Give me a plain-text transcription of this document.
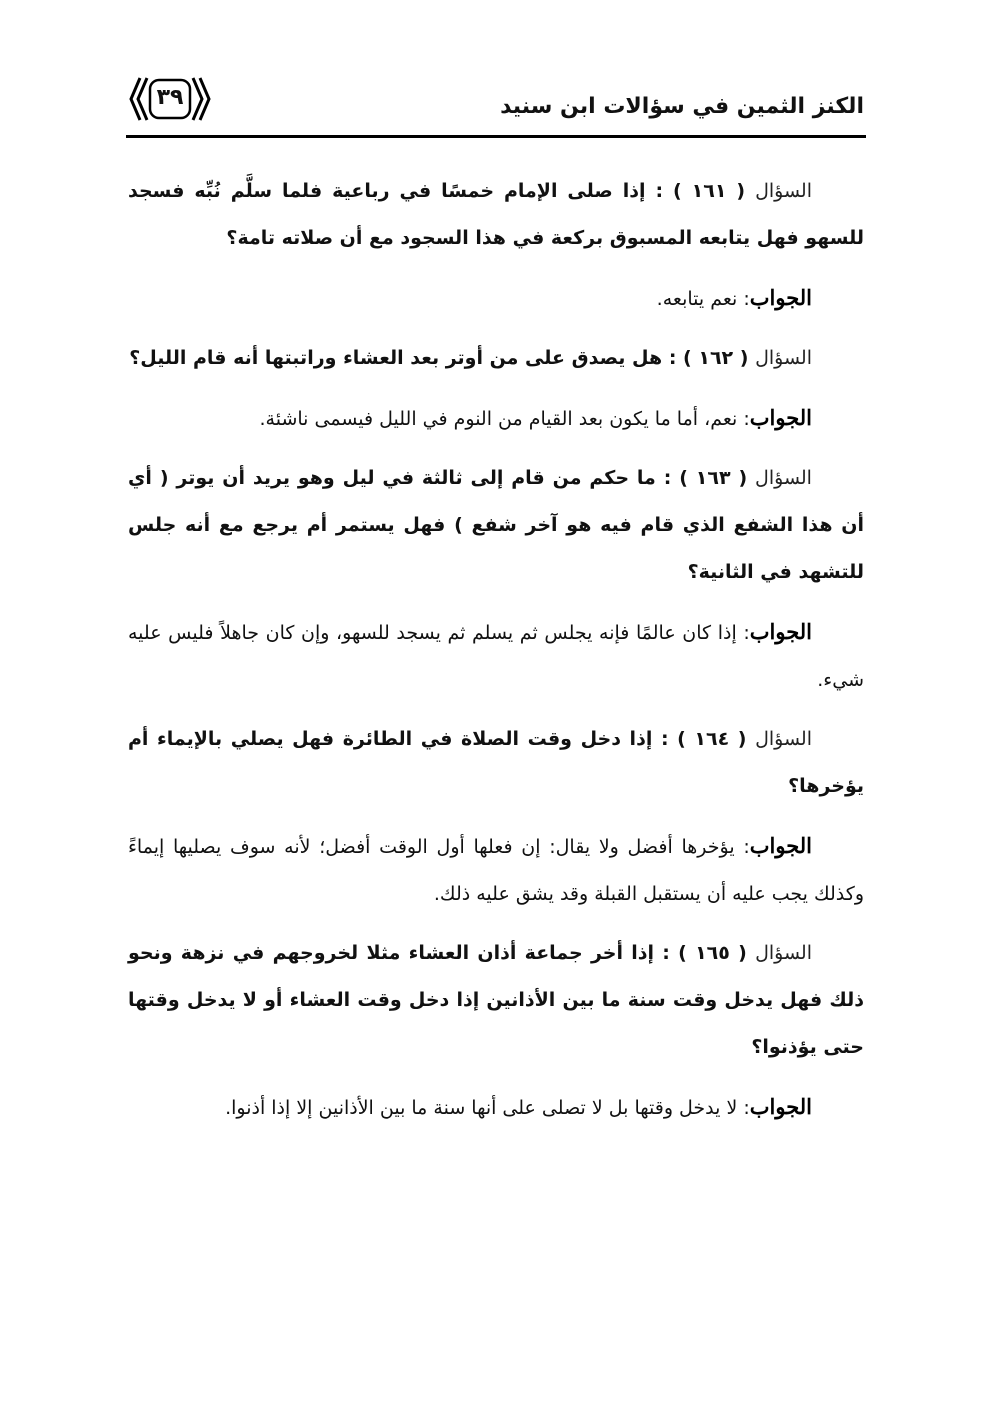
٣٩	الكنز الثمين في سؤالات ابن سنيد

السؤال ( ١٦١ ) : إذا صلى الإمام خمسًا في رباعية فلما سلَّم نُبِّه فسجد للسهو فهل يتابعه المسبوق بركعة في هذا السجود مع أن صلاته تامة؟

الجواب: نعم يتابعه.

السؤال ( ١٦٢ ) : هل يصدق على من أوتر بعد العشاء وراتبتها أنه قام الليل؟

الجواب: نعم، أما ما يكون بعد القيام من النوم في الليل فيسمى ناشئة.

السؤال ( ١٦٣ ) : ما حكم من قام إلى ثالثة في ليل وهو يريد أن يوتر ( أي أن هذا الشفع الذي قام فيه هو آخر شفع ) فهل يستمر أم يرجع مع أنه جلس للتشهد في الثانية؟

الجواب: إذا كان عالمًا فإنه يجلس ثم يسلم ثم يسجد للسهو، وإن كان جاهلاً فليس عليه شيء.

السؤال ( ١٦٤ ) : إذا دخل وقت الصلاة في الطائرة فهل يصلي بالإيماء أم يؤخرها؟

الجواب: يؤخرها أفضل ولا يقال: إن فعلها أول الوقت أفضل؛ لأنه سوف يصليها إيماءً وكذلك يجب عليه أن يستقبل القبلة وقد يشق عليه ذلك.

السؤال ( ١٦٥ ) : إذا أخر جماعة أذان العشاء مثلا لخروجهم في نزهة ونحو ذلك فهل يدخل وقت سنة ما بين الأذانين إذا دخل وقت العشاء أو لا يدخل وقتها حتى يؤذنوا؟

الجواب: لا يدخل وقتها بل لا تصلى على أنها سنة ما بين الأذانين إلا إذا أذنوا.
